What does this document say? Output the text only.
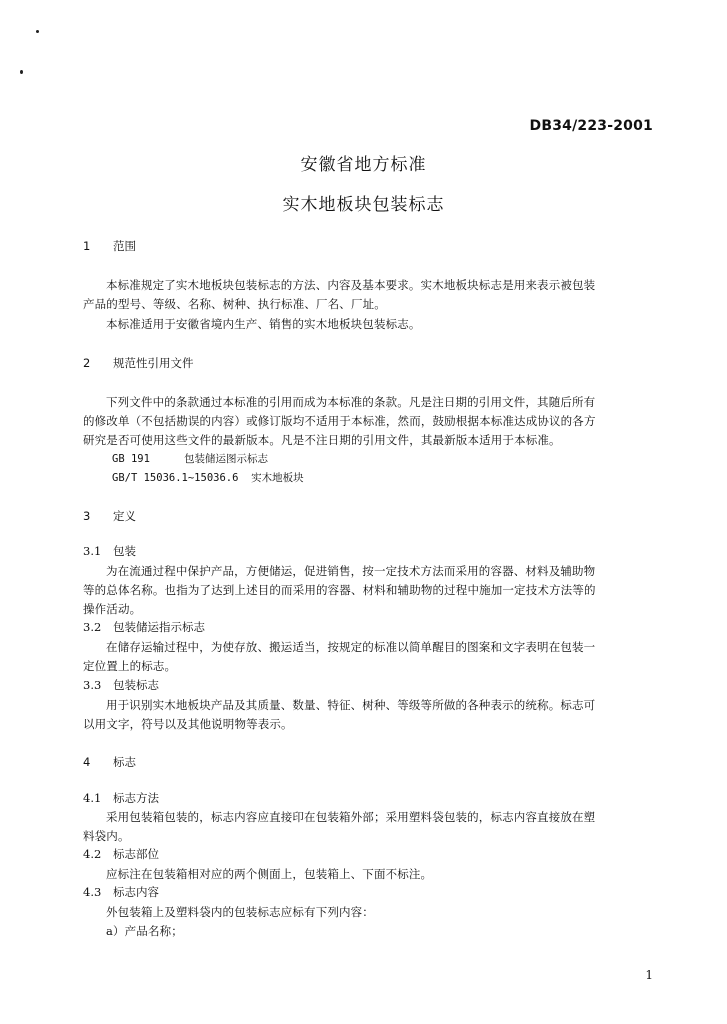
DB34/223-2001
安徽省地方标准
实木地板块包装标志
1 范围
本标准规定了实木地板块包装标志的方法、内容及基本要求。实木地板块标志是用来表示被包装
产品的型号、等级、名称、树种、执行标准、厂名、厂址。
本标准适用于安徽省境内生产、销售的实木地板块包装标志。
2 规范性引用文件
下列文件中的条款通过本标准的引用而成为本标准的条款。凡是注日期的引用文件，其随后所有
的修改单（不包括勘误的内容）或修订版均不适用于本标准，然而，鼓励根据本标准达成协议的各方
研究是否可使用这些文件的最新版本。凡是不注日期的引用文件，其最新版本适用于本标准。
GB 191	包装储运图示标志
GB/T 15036.1~15036.6 实木地板块
3 定义
3.1 包装
为在流通过程中保护产品，方便储运，促进销售，按一定技术方法而采用的容器、材料及辅助物
等的总体名称。也指为了达到上述目的而采用的容器、材料和辅助物的过程中施加一定技术方法等的
操作活动。
3.2 包装储运指示标志
在储存运输过程中，为使存放、搬运适当，按规定的标准以简单醒目的图案和文字表明在包装一
定位置上的标志。
3.3 包装标志
用于识别实木地板块产品及其质量、数量、特征、树种、等级等所做的各种表示的统称。标志可
以用文字，符号以及其他说明物等表示。
4 标志
4.1 标志方法
采用包装箱包装的，标志内容应直接印在包装箱外部；采用塑料袋包装的，标志内容直接放在塑
料袋内。
4.2 标志部位
应标注在包装箱相对应的两个侧面上，包装箱上、下面不标注。
4.3 标志内容
外包装箱上及塑料袋内的包装标志应标有下列内容：
a）产品名称；
1
